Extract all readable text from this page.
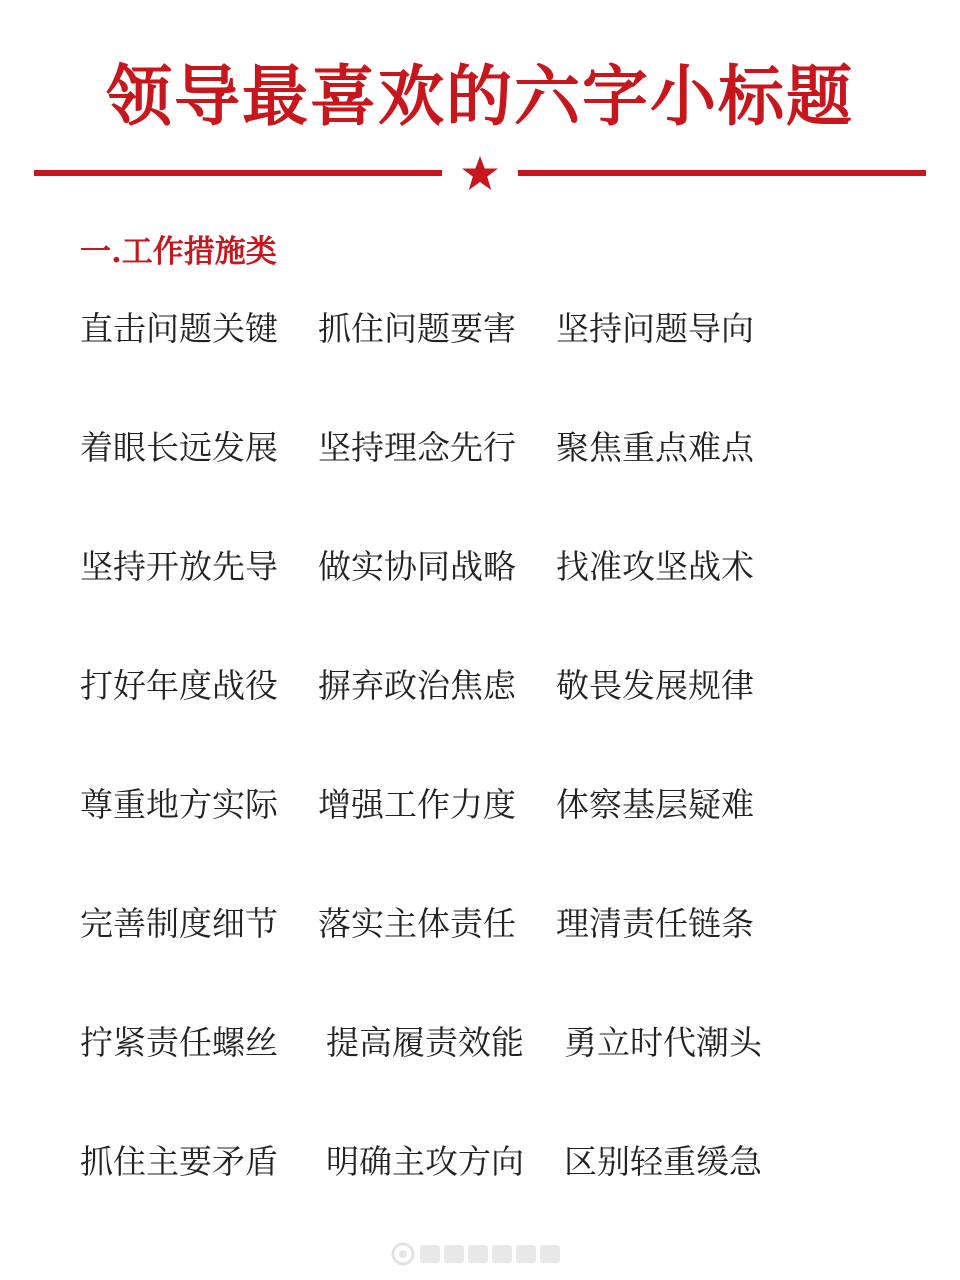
领导最喜欢的六字小标题
一.工作措施类
直击问题关键 抓住问题要害 坚持问题导向
着眼长远发展 坚持理念先行 聚焦重点难点
坚持开放先导 做实协同战略 找准攻坚战术
打好年度战役 摒弃政治焦虑 敬畏发展规律
尊重地方实际 增强工作力度 体察基层疑难
完善制度细节 落实主体责任 理清责任链条
拧紧责任螺丝 提高履责效能 勇立时代潮头
抓住主要矛盾 明确主攻方向 区别轻重缓急
